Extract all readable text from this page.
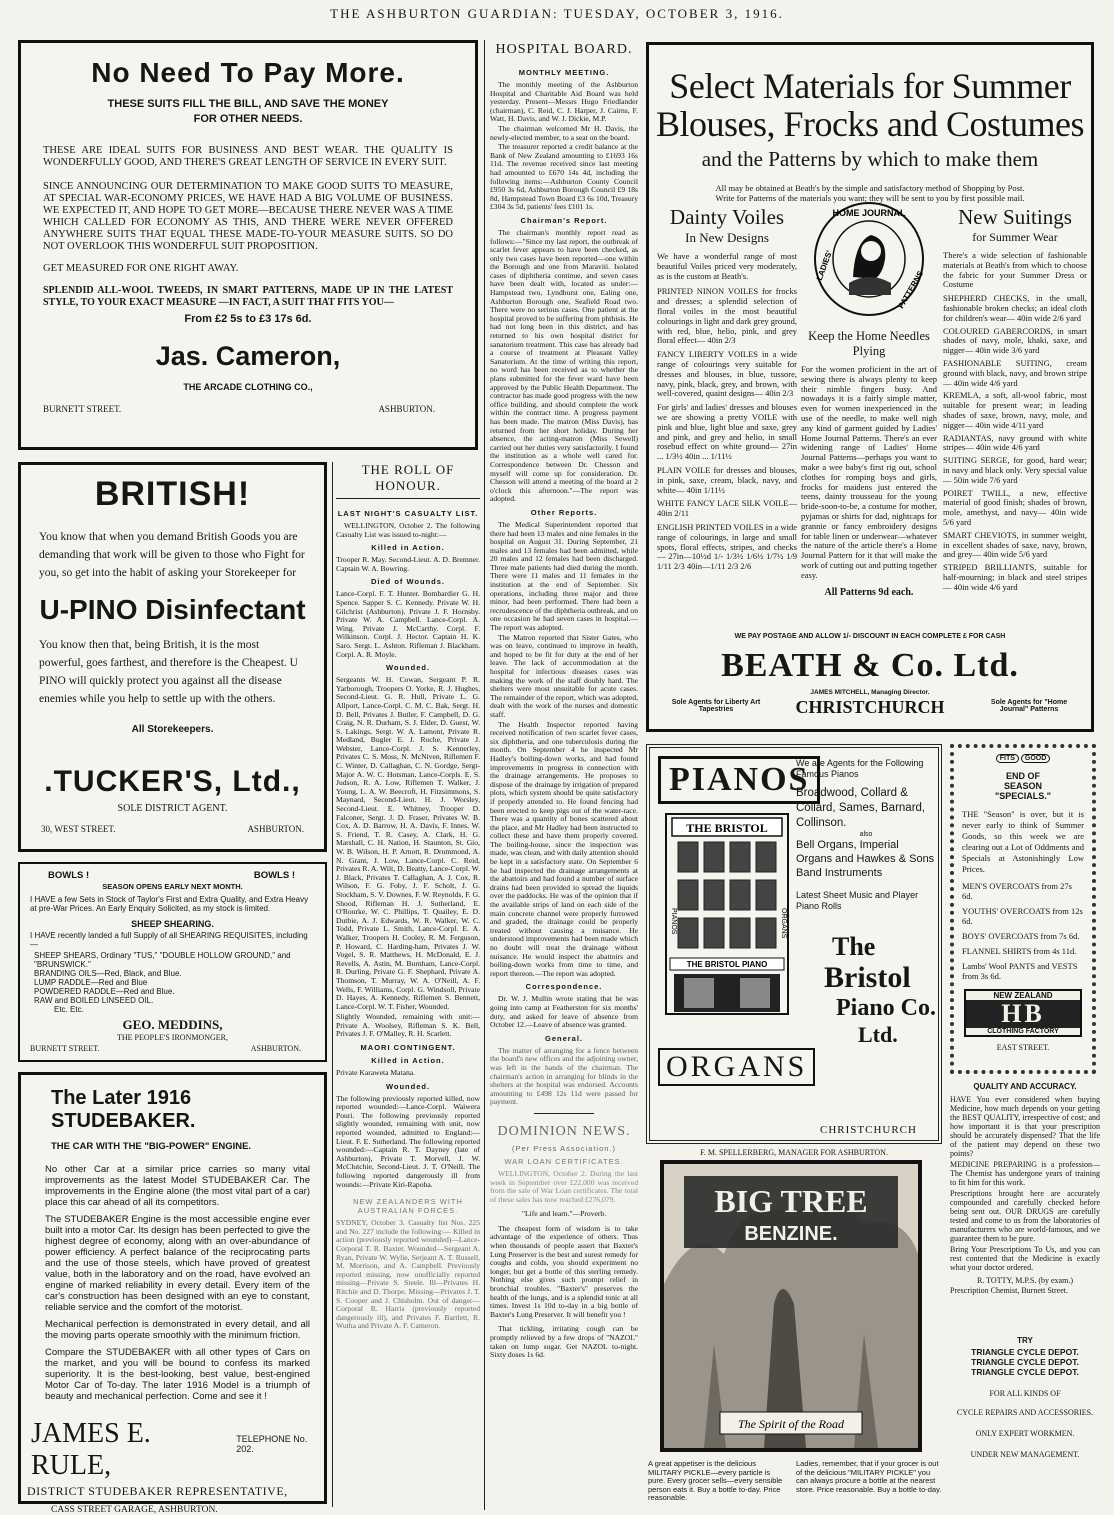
THE ASHBURTON GUARDIAN: TUESDAY, OCTOBER 3, 1916.
No Need To Pay More.
THESE SUITS FILL THE BILL, AND SAVE THE MONEY
FOR OTHER NEEDS.
THESE ARE IDEAL SUITS FOR BUSINESS AND BEST WEAR. THE QUALITY IS WONDERFULLY GOOD, AND THERE'S GREAT LENGTH OF SERVICE IN EVERY SUIT.
SINCE ANNOUNCING OUR DETERMINATION TO MAKE GOOD SUITS TO MEASURE, AT SPECIAL WAR-ECONOMY PRICES, WE HAVE HAD A BIG VOLUME OF BUSINESS. WE EXPECTED IT, AND HOPE TO GET MORE—BECAUSE THERE NEVER WAS A TIME WHICH CALLED FOR ECONOMY AS THIS, AND THERE WERE NEVER OFFERED ANYWHERE SUITS THAT EQUAL THESE MADE-TO-YOUR MEASURE SUITS. SO DO NOT OVERLOOK THIS WONDERFUL SUIT PROPOSITION.
GET MEASURED FOR ONE RIGHT AWAY.
SPLENDID ALL-WOOL TWEEDS, IN SMART PATTERNS, MADE UP IN THE LATEST STYLE, TO YOUR EXACT MEASURE —IN FACT, A SUIT THAT FITS YOU—
From £2 5s to £3 17s 6d.
Jas. Cameron,
THE ARCADE CLOTHING CO.,
BURNETT STREET.	ASHBURTON.
BRITISH!
You know that when you demand British Goods you are demanding that work will be given to those who Fight for you, so get into the habit of asking your Storekeeper for
U-PINO Disinfectant
You know then that, being British, it is the most powerful, goes farthest, and therefore is the Cheapest. U PINO will quickly protect you against all the disease enemies while you help to settle up with the others.
All Storekeepers.
.TUCKER'S, Ltd.,
SOLE DISTRICT AGENT.
30, WEST STREET.	ASHBURTON.
BOWLS !	BOWLS !
SEASON OPENS EARLY NEXT MONTH.
I HAVE a few Sets in Stock of Taylor's First and Extra Quality, and Extra Heavy at pre-War Prices. An Early Enquiry Solicited, as my stock is limited.
SHEEP SHEARING.
I HAVE recently landed a full Supply of all SHEARING REQUISITES, including—
SHEEP SHEARS, Ordinary "TUS," "DOUBLE HOLLOW GROUND," and "BRUNSWICK."
BRANDING OILS—Red, Black, and Blue.
LUMP RADDLE—Red and Blue
POWDERED RADDLE—Red and Blue.
RAW and BOILED LINSEED OIL.
Etc. Etc.
GEO. MEDDINS,
THE PEOPLE'S IRONMONGER,
BURNETT STREET.	ASHBURTON.
The Later 1916 STUDEBAKER.
THE CAR WITH THE "BIG-POWER" ENGINE.
No other Car at a similar price carries so many vital improvements as the latest Model STUDEBAKER Car. The improvements in the Engine alone (the most vital part of a car) place this car ahead of all its competitors.
The STUDEBAKER Engine is the most accessible engine ever built into a motor Car. Its design has been perfected to give the highest degree of economy, along with an over-abundance of power efficiency. A perfect balance of the reciprocating parts and the use of those steels, which have proved of greatest value, both in the laboratory and on the road, have evolved an engine of marked reliability in every detail. Every item of the car's construction has been designed with an eye to constant, reliable service and the comfort of the motorist.
Mechanical perfection is demonstrated in every detail, and all the moving parts operate smoothly with the minimum friction.
Compare the STUDEBAKER with all other types of Cars on the market, and you will be bound to confess its marked superiority. It is the best-looking, best value, best-engined Motor Car of To-day. The later 1916 Model is a triumph of beauty and mechanical perfection. Come and see it !
JAMES E. RULE,
TELEPHONE No. 202.
DISTRICT STUDEBAKER REPRESENTATIVE,
CASS STREET GARAGE, ASHBURTON.
HOSPITAL BOARD.
MONTHLY MEETING.

The monthly meeting of the Ashburton Hospital and Charitable Aid Board was held yesterday. Present—Messrs Hugo Friedlander (chairman), C. Reid, C. J. Harper, J. Cairns, F. Watt, H. Davis, and W. J. Dickie, M.P.

The chairman welcomed Mr H. Davis, the newly-elected member, to a seat on the board.

The treasurer reported a credit balance at the Bank of New Zealand amounting to £1693 16s 11d. The revenue received since last meeting had amounted to £670 14s 4d, including the following items:—Ashburton County Council £950 3s 6d, Ashburton Borough Council £9 18s 8d, Hampstead Town Board £3 6s 10d, Treasury £304 3s 5d, patients' fees £101 1s.

Chairman's Report.

The chairman's monthly report read as follows:—"Since my last report, the outbreak of scarlet fever appears to have been checked, as only two cases have been reported—one within the Borough and one from Maraviti. Isolated cases of diphtheria continue, and seven cases have been dealt with, located as under:—Hampstead two, Lyndhurst one, Ealing one, Ashburton Borough one, Seafield Road two. There were no serious cases. One patient at the hospital proved to be suffering from phthisis. He had not long been in this district, and has returned to his own hospital district for sanatorium treatment. This case has already had a course of treatment at Pleasant Valley Sanatorium. At the time of writing this report, no word has been received as to whether the plans submitted for the fever ward have been approved by the Public Health Department. The contractor has made good progress with the new office building, and should complete the work within the contract time. A progress payment has been made. The matron (Miss Davis), has returned from her short holiday. During her absence, the acting-matron (Miss Sewell) carried out her duties very satisfactorily. I found the institution as a whole well cared for. Correspondence between Dr. Chesson and myself will come up for consideration. Dr. Chesson will attend a meeting of the board at 2 o'clock this afternoon."—The report was adopted.

Other Reports.

The Medical Superintendent reported that there had been 13 males and nine females in the hospital on August 31. During September, 21 males and 13 females had been admitted, while 20 males and 12 females had been discharged. Three male patients had died during the month. There were 11 males and 11 females in the institution at the end of September. Six operations, including three major and three minor, had been performed. There had been a recrudescence of the diphtheria outbreak, and on one occasion he had seven cases in hospital.—The report was adopted.

The Matron reported that Sister Gates, who was on leave, continued to improve in health, and hoped to be fit for duty at the end of her leave. The lack of accommodation at the hospital for infectious diseases cases was making the work of the staff doubly hard. The shelters were most unsuitable for acute cases. The remainder of the report, which was adopted, dealt with the work of the nurses and domestic staff.

The Health Inspector reported having received notification of two scarlet fever cases, six diphtheria, and one tuberculosis during the month. On September 4 he inspected Mr Hadley's boiling-down works, and had found improvements in progress in connection with the drainage arrangements. He proposes to dispose of the drainage by irrigation of prepared plots, which system should be quite satisfactory if properly attended to. He found fencing had been erected to keep pigs out of the water-race. There was a quantity of bones scattered about the place, and Mr Hadley had been instructed to collect these and have them properly covered. The boiling-house, since the inspection was made, was clean, and with daily attention should be kept in a satisfactory state. On September 6 he had inspected the drainage arrangements at the abattoirs and had found a number of surface drains had been provided to spread the liquids over the paddocks. He was of the opinion that if the available strips of land on each side of the main concrete channel were properly furrowed and graded, the drainage could be properly treated without causing a nuisance. He understood improvements had been made which no doubt will treat the drainage without nuisance. He would inspect the abattoirs and boiling-down works from time to time, and report thereon.—The report was adopted.

Correspondence.

Dr. W. J. Mullin wrote stating that he was going into camp at Featherston for six months' duty, and asked for leave of absence from October 12.—Leave of absence was granted.

General.

The matter of arranging for a fence between the board's new offices and the adjoining owner, was left in the hands of the chairman. The chairman's action in arranging for blinds in the shelters at the hospital was endorsed. Accounts amounting to £498 12s 11d were passed for payment.

DOMINION NEWS.
(Per Press Association.)
WAR LOAN CERTIFICATES.

WELLINGTON, October 2. During the last week in September over £22,000 was received from the sale of War Loan certificates. The total of these sales has now reached £276,079.

"Life and learn."—Proverb.

The cheapest form of wisdom is to take advantage of the experience of others. Thus when thousands of people assert that Baxter's Lung Preserver is the best and surest remedy for coughs and colds, you should experiment no longer, but get a bottle of this sterling remedy. Nothing else gives such prompt relief in bronchial troubles. "Baxter's" preserves the health of the lungs, and is a splendid tonic at all times. Invest 1s 10d to-day in a big bottle of Baxter's Lung Preserver. It will benefit you !

That tickling, irritating cough can be promptly relieved by a few drops of "NAZOL" taken on lump sugar. Get NAZOL to-night. Sixty doses 1s 6d.

THE ROLL OF HONOUR.
LAST NIGHT'S CASUALTY LIST.

WELLINGTON, October 2. The following Casualty List was issued to-night:—

Killed in Action.
Trooper R. May. Second-Lieut. A. D. Bremner. Captain W. A. Bowring.
Died of Wounds.
Lance-Corpl. F. T. Hunter. Bombardier G. H. Spence. Sapper S. C. Kennedy. Private W. H. Gilchrist (Ashburton). Private J. F. Hornsby. Private W. A. Campbell. Lance-Corpl. A. Wing. Private J. McCarthy. Corpl. F. Wilkinson. Corpl. J. Hector. Captain H. K. Saro. Sergt. L. Ashton. Rifleman J. Blackham. Corpl. A. R. Moyle.
Wounded.
Sergeants W. H. Cowan, Sergeant P. R. Yarborough, Troopers O. Yorke, R. J. Hughes, Second-Lieut. G. R. Hull, Private L. G. Allport, Lance-Corpl. C. M. C. Bak, Sergt. H. D. Bell, Privates J. Butler, F. Campbell, D. G. Craig, N. R. Durham, S. J. Elder, D. Guest, W. S. Lakings, Sergt. W. A. Lamont, Private R. Medland, Bugler E. J. Roche, Private J. Webster, Lance-Corpl. J. S. Kennerley, Privates C. S. Moss, N. McNiven, Riflemen F. C. Winter, D. Callaghan, C. N. Gordge, Sergt-Major A. W. C. Hotsman, Lance-Corpls. E. S. Judson, R. A. Low, Riflemen T. Walker, J. Young, L. A. W. Beecroft, H. Fitzsimmons, S. Maynard, Second-Lieut. H. J. Worsley, Second-Lieut. E. Whitney, Trooper D. Falconer, Sergt. J. D. Fraser, Privates W. B. Cox, A. D. Barrow, H. A. Davis, F. Innes, W. S. Friend, T. R. Casey, A. Clark, H. G. Marshall, C. H. Nation, H. Staunton, St. Gio, W. B. Wilson, H. P. Arnott, R. Drummond, A. N. Grant, J. Low, Lance-Corpl. C. Reid, Privates R. A. Wilt, D. Beatty, Lance-Corpl. W. J. Black, Privates T. Callaghan, A. J. Cox, R. Wilson, F. G. Foby, J. F. Scholt, J. G. Stockham, S. V. Downes, F. W. Reynolds, F. G. Shood, Rifleman H. J. Sutherland, E. O'Rourke, W. C. Phillips, T. Quailey, E. D. Dutbie, A. J. Edwards, W. R. Walker, W. C. Todd, Private L. Smith, Lance-Corpl. E. A. Walker, Troopers H. Cooley, R. M. Ferguson, P. Howard, C. Harding-ham, Privates J. W. Vogel, S. R. Matthews, H. McDonald, E. J. Revells, A. Astin, M. Burnham, Lance-Corpl. R. Durling, Private G. F. Shephard, Private A. Thomson, T. Murray, W. A. O'Neill, A. F. Wells, F. Williams, Corpl. G. Windsoll, Private D. Hayes, A. Kennedy, Riflemen S. Bennett, Lance-Corpl. W. T. Fisher, Wounded.
Slightly Wounded, remaining with unit:—Private A. Woolsey, Rifleman S. K. Bell, Privates J. F. O'Malley, R. H. Scarlett.
MAORI CONTINGENT.
Killed in Action.
Private Karaweta Matana.
Wounded.
The following previously reported killed, now reported wounded:—Lance-Corpl. Waiwera Pouri. The following previously reported slightly wounded, remaining with unit, now reported wounded, admitted to England:—Lieut. F. E. Sutherland. The following reported wounded:—Captain R. T. Dayney (late of Ashburton), Private T. Morvell, J. W. McClutchie, Second-Lieut. J. T. O'Neill. The following reported dangerously ill from wounds:—Private Kiri-Rapoha.
NEW ZEALANDERS WITH AUSTRALIAN FORCES.
SYDNEY, October 3. Casualty list Nos. 225 and No. 227 include the following:— Killed in action (previously reported wounded)—Lance-Corporal T. R. Baxter. Wounded—Sergeant A. Ryan, Private W. Wylie, Serjeant A. T. Russell, M. Morrison, and A. Campbell. Previously reported missing, now unofficially reported missing—Private S. Steele. Ill—Privates H. Ritchie and D. Thorpe. Missing—Privates J. T. S. Cooper and J. Chisholm. Out of danger—Corporal R. Harris (previously reported dangerously ill), and Privates F. Bartlett, R. Wutha and Private A. F. Cameron.
Select Materials for Summer
Blouses, Frocks and Costumes
and the Patterns by which to make them
All may be obtained at Beath's by the simple and satisfactory method of Shopping by Post. Write for Patterns of the materials you want; they will be sent to you by first possible mail.
Dainty Voiles
In New Designs
We have a wonderful range of most beautiful Voiles priced very moderately, as is the custom at Beath's.
PRINTED NINON VOILES for frocks and dresses; a splendid selection of floral voiles in the most beautiful colourings in light and dark grey ground, with red, blue, helio, pink, and grey floral effect— 40in 2/3
FANCY LIBERTY VOILES in a wide range of colourings very suitable for dresses and blouses, in blue, tussore, navy, pink, black, grey, and brown, with well-covered, quaint designs— 40in 2/3
For girls' and ladies' dresses and blouses we are showing a pretty VOILE with pink and blue, light blue and saxe, grey and pink, and grey and helio, in small rosebud effect on white ground— 27in ... 1/3½ 40in ... 1/11½
PLAIN VOILE for dresses and blouses, in pink, saxe, cream, black, navy, and white— 40in 1/11½
WHITE FANCY LACE SILK VOILE— 40in 2/11
ENGLISH PRINTED VOILES in a wide range of colourings, in large and small spots, floral effects, stripes, and checks— 27in—10½d 1/- 1/3½ 1/6½ 1/7½ 1/9 1/11 2/3 40in—1/11 2/3 2/6
HOME JOURNAL
LADIES'
PATTERNS
Keep the Home Needles Plying
For the women proficient in the art of sewing there is always plenty to keep their nimble fingers busy. And nowadays it is a fairly simple matter, even for women inexperienced in the use of the needle, to make well nigh any kind of garment guided by Ladies' Home Journal Patterns. There's an ever widening range of Ladies' Home Journal Patterns—perhaps you want to make a wee baby's first rig out, school clothes for romping boys and girls, frocks for maidens just entered the teens, dainty trousseau for the young bride-soon-to-be, a costume for mother, pyjamas or shirts for dad, nightcaps for grannie or fancy embroidery designs for table linen or underwear—whatever the nature of the article there's a Home Journal Pattern for it that will make the work of cutting out and putting together easy.
All Patterns 9d each.
New Suitings
for Summer Wear
There's a wide selection of fashionable materials at Beath's from which to choose the fabric for your Summer Dress or Costume
SHEPHERD CHECKS, in the small, fashionable broken checks; an ideal cloth for children's wear— 40in wide 2/6 yard
COLOURED GABERCORDS, in smart shades of navy, mole, khaki, saxe, and nigger— 40in wide 3/6 yard
FASHIONABLE SUITING, cream ground with black, navy, and brown stripe— 40in wide 4/6 yard
KREMLA, a soft, all-wool fabric, most suitable for present wear; in leading shades of saxe, brown, navy, mole, and nigger— 40in wide 4/11 yard
RADIANTAS, navy ground with white stripes— 40in wide 4/6 yard
SUITING SERGE, for good, hard wear; in navy and black only. Very special value— 50in wide 7/6 yard
POIRET TWILL, a new, effective material of good finish; shades of brown, mole, amethyst, and navy— 40in wide 5/6 yard
SMART CHEVIOTS, in summer weight, in excellent shades of saxe, navy, brown, and grey— 40in wide 5/6 yard
STRIPED BRILLIANTS, suitable for half-mourning; in black and steel stripes— 40in wide 4/6 yard
WE PAY POSTAGE AND ALLOW 1/- DISCOUNT IN EACH COMPLETE £ FOR CASH
BEATH & Co. Ltd.
JAMES MITCHELL, Managing Director.
Sole Agents for Liberty Art Tapestries	CHRISTCHURCH	Sole Agents for "Home Journal" Patterns
PIANOS
THE BRISTOL
THE BRISTOL PIANO
PIANOS	ORGANS
We are Agents for the Following Famous Pianos
Broadwood, Collard & Collard, Sames, Barnard, Collinson.
also
Bell Organs, Imperial Organs and Hawkes & Sons Band Instruments
Latest Sheet Music and Player Piano Rolls
The
Bristol
Piano Co.
Ltd.
ORGANS
CHRISTCHURCH
F. M. SPELLERBERG, MANAGER FOR ASHBURTON.
BIG TREE
BENZINE.
The Spirit of the Road
A great appetiser is the delicious MILITARY PICKLE—every particle is pure. Every grocer sells—every sensible person eats it. Buy a bottle to-day. Price reasonable.
Ladies, remember, that if your grocer is out of the delicious "MILITARY PICKLE" you can always procure a bottle at the nearest store. Price reasonable. Buy a bottle to-day.
FITS	GOOD
END OF
SEASON
"SPECIALS."
THE "Season" is over, but it is never early to think of Summer Goods, so this week we are clearing out a Lot of Oddments and Specials at Astonishingly Low Prices.
MEN'S OVERCOATS from 27s 6d.
YOUTHS' OVERCOATS from 12s 6d.
BOYS' OVERCOATS from 7s 6d.
FLANNEL SHIRTS from 4s 11d.
Lambs' Wool PANTS and VESTS from 3s 6d.
NEW ZEALAND
HB
CLOTHING FACTORY
EAST STREET.
QUALITY AND ACCURACY.
HAVE You ever considered when buying Medicine, how much depends on your getting the BEST QUALITY, irrespective of cost; and how important it is that your prescription should be accurately dispensed? That the life of the patient may depend on these two points?
MEDICINE PREPARING is a profession—The Chemist has undergone years of training to fit him for this work.
Prescriptions brought here are accurately compounded and carefully checked before being sent out. OUR DRUGS are carefully tested and come to us from the laboratories of manufacturers who are world-famous, and we guarantee them to be pure.
Bring Your Prescriptions To Us, and you can rest contented that the Medicine is exactly what your doctor ordered.
R. TOTTY, M.P.S. (by exam.)
Prescription Chemist, Burnett Street.
TRY
TRIANGLE CYCLE DEPOT.
TRIANGLE CYCLE DEPOT.
TRIANGLE CYCLE DEPOT.
FOR ALL KINDS OF
CYCLE REPAIRS AND ACCESSORIES.
ONLY EXPERT WORKMEN.
UNDER NEW MANAGEMENT.
